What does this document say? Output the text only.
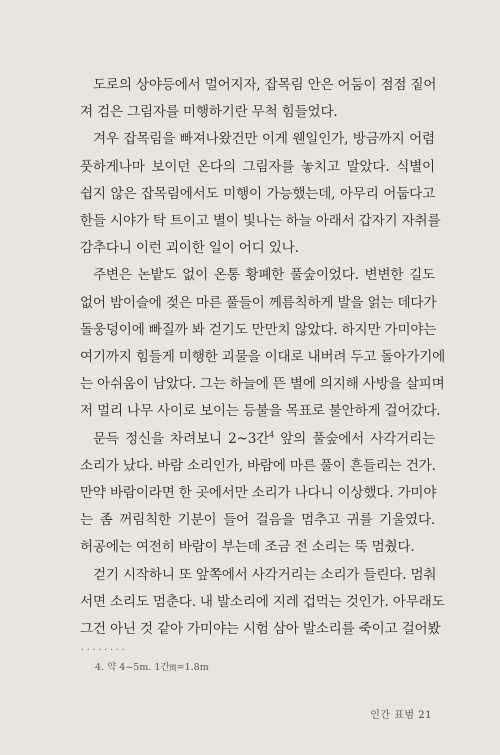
도로의 상야등에서 멀어지자, 잡목림 안은 어둠이 점점 짙어
져 검은 그림자를 미행하기란 무척 힘들었다.

겨우 잡목림을 빠져나왔건만 이게 웬일인가, 방금까지 어렴
풋하게나마 보이던 온다의 그림자를 놓치고 말았다. 식별이
쉽지 않은 잡목림에서도 미행이 가능했는데, 아무리 어둡다고
한들 시야가 탁 트이고 별이 빛나는 하늘 아래서 갑자기 자취를
감추다니 이런 괴이한 일이 어디 있나.

주변은 논밭도 없이 온통 황폐한 풀숲이었다. 변변한 길도
없어 밤이슬에 젖은 마른 풀들이 께름칙하게 발을 얽는 데다가
돌웅덩이에 빠질까 봐 걷기도 만만치 않았다. 하지만 가미야는
여기까지 힘들게 미행한 괴물을 이대로 내버려 두고 돌아가기에
는 아쉬움이 남았다. 그는 하늘에 뜬 별에 의지해 사방을 살피며
저 멀리 나무 사이로 보이는 등불을 목표로 불안하게 걸어갔다.

문득 정신을 차려보니 2~3간$^4$ 앞의 풀숲에서 사각거리는
소리가 났다. 바람 소리인가, 바람에 마른 풀이 흔들리는 건가.
만약 바람이라면 한 곳에서만 소리가 나다니 이상했다. 가미야
는 좀 꺼림칙한 기분이 들어 걸음을 멈추고 귀를 기울였다.
허공에는 여전히 바람이 부는데 조금 전 소리는 뚝 멈췄다.

걷기 시작하니 또 앞쪽에서 사각거리는 소리가 들린다. 멈춰
서면 소리도 멈춘다. 내 발소리에 지레 겁먹는 것인가. 아무래도
그건 아닌 것 같아 가미야는 시험 삼아 발소리를 죽이고 걸어봤

········
4. 약 4~5m. 1간間=1.8m
인간 표범 21
